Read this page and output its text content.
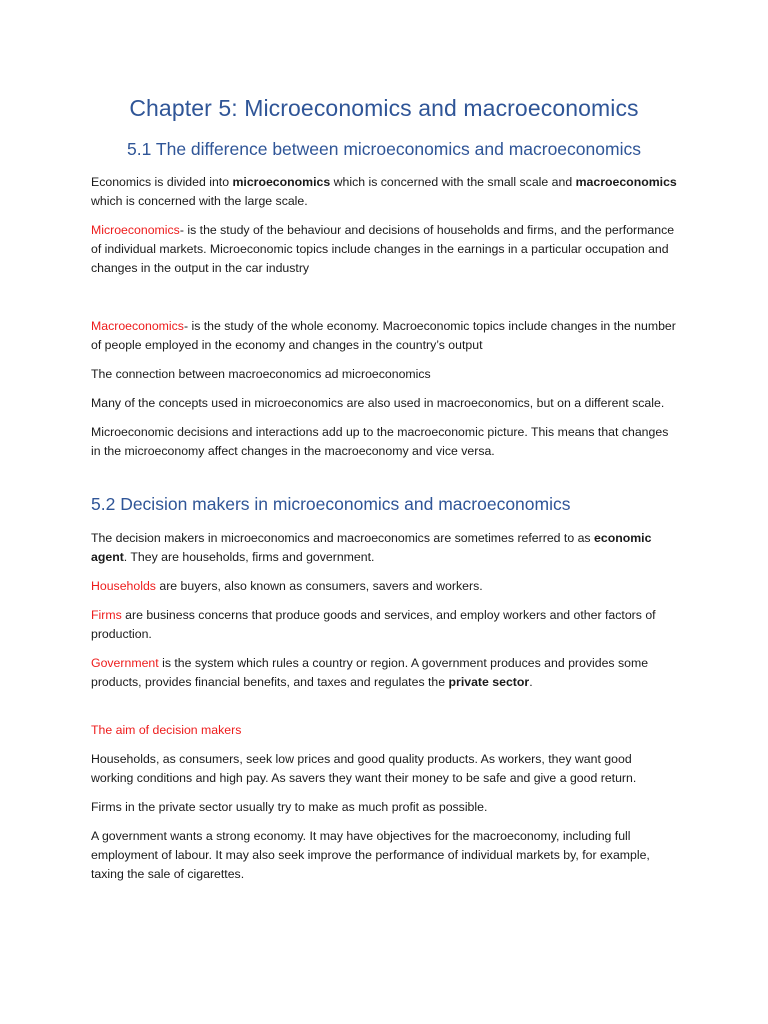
Chapter 5: Microeconomics and macroeconomics
5.1 The difference between microeconomics and macroeconomics

Economics is divided into microeconomics which is concerned with the small scale and macroeconomics which is concerned with the large scale.

Microeconomics- is the study of the behaviour and decisions of households and firms, and the performance of individual markets. Microeconomic topics include changes in the earnings in a particular occupation and changes in the output in the car industry

Macroeconomics- is the study of the whole economy. Macroeconomic topics include changes in the number of people employed in the economy and changes in the country’s output

The connection between macroeconomics ad microeconomics

Many of the concepts used in microeconomics are also used in macroeconomics, but on a different scale.

Microeconomic decisions and interactions add up to the macroeconomic picture. This means that changes in the microeconomy affect changes in the macroeconomy and vice versa.

5.2 Decision makers in microeconomics and macroeconomics

The decision makers in microeconomics and macroeconomics are sometimes referred to as economic agent. They are households, firms and government.

Households are buyers, also known as consumers, savers and workers.

Firms are business concerns that produce goods and services, and employ workers and other factors of production.

Government is the system which rules a country or region. A government produces and provides some products, provides financial benefits, and taxes and regulates the private sector.

The aim of decision makers

Households, as consumers, seek low prices and good quality products. As workers, they want good working conditions and high pay. As savers they want their money to be safe and give a good return.

Firms in the private sector usually try to make as much profit as possible.

A government wants a strong economy. It may have objectives for the macroeconomy, including full employment of labour. It may also seek improve the performance of individual markets by, for example, taxing the sale of cigarettes.
